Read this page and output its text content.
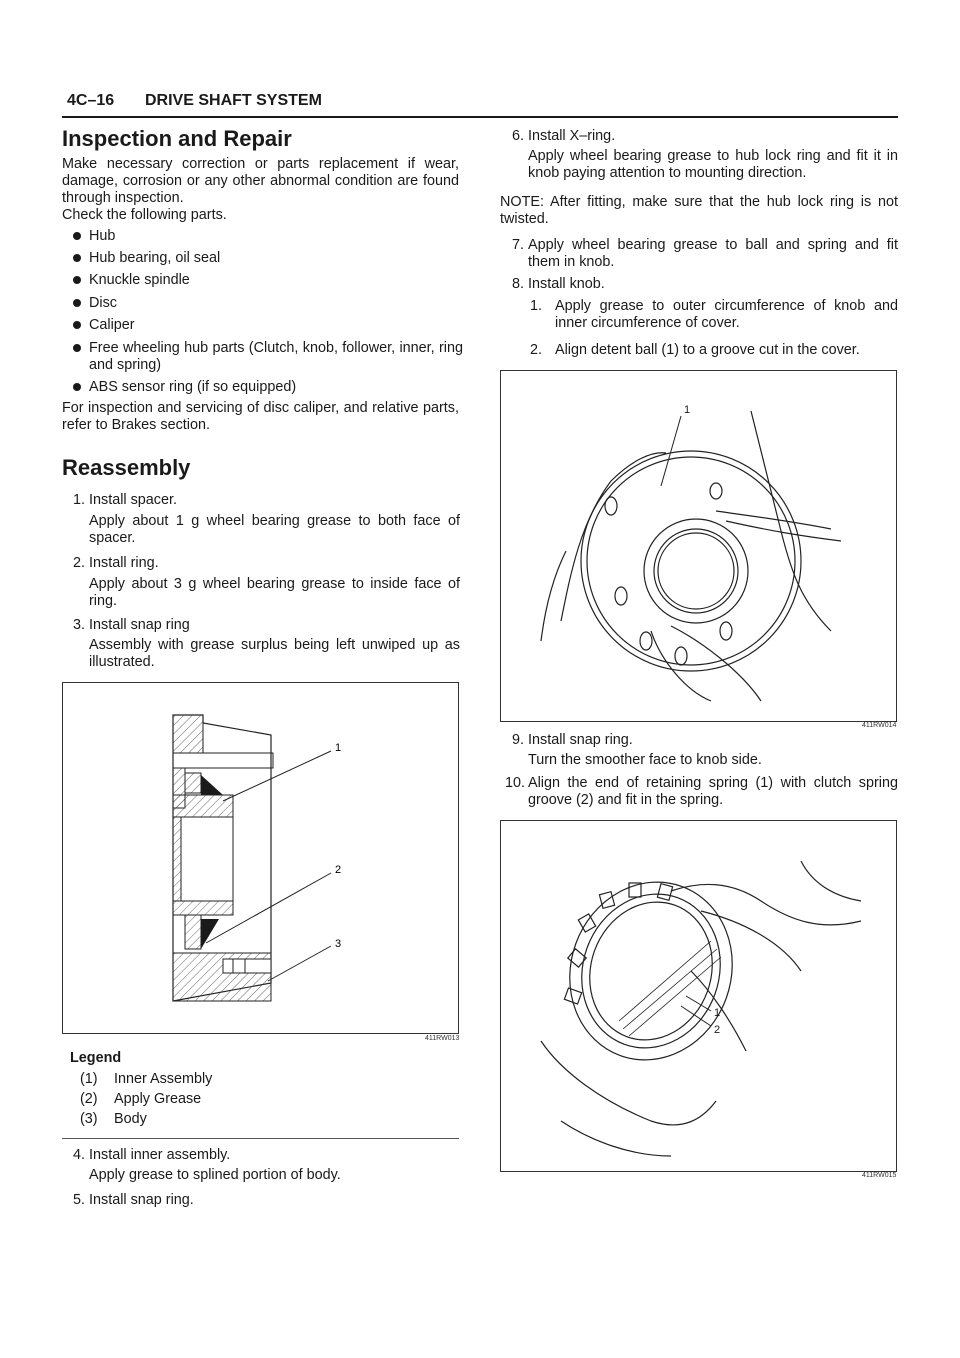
4C–16 DRIVE SHAFT SYSTEM
Inspection and Repair

Make necessary correction or parts replacement if wear, damage, corrosion or any other abnormal condition are found through inspection.

Check the following parts.

Hub
Hub bearing, oil seal
Knuckle spindle
Disc
Caliper
Free wheeling hub parts (Clutch, knob, follower, inner, ring and spring)
ABS sensor ring (if so equipped)

For inspection and servicing of disc caliper, and relative parts, refer to Brakes section.

Reassembly
1. Install spacer.
Apply about 1 g wheel bearing grease to both face of spacer.
2. Install ring.
Apply about 3 g wheel bearing grease to inside face of ring.
3. Install snap ring
Assembly with grease surplus being left unwiped up as illustrated.
1
2
3
411RW013
Legend
(1) Inner Assembly
(2) Apply Grease
(3) Body
4. Install inner assembly.
Apply grease to splined portion of body.
5. Install snap ring.
6. Install X–ring.
Apply wheel bearing grease to hub lock ring and fit it in knob paying attention to mounting direction.
NOTE: After fitting, make sure that the hub lock ring is not twisted.
7. Apply wheel bearing grease to ball and spring and fit them in knob.
8. Install knob.
1. Apply grease to outer circumference of knob and inner circumference of cover.
2. Align detent ball (1) to a groove cut in the cover.
1
411RW014
9. Install snap ring.
Turn the smoother face to knob side.
10. Align the end of retaining spring (1) with clutch spring groove (2) and fit in the spring.
1
2
411RW015
